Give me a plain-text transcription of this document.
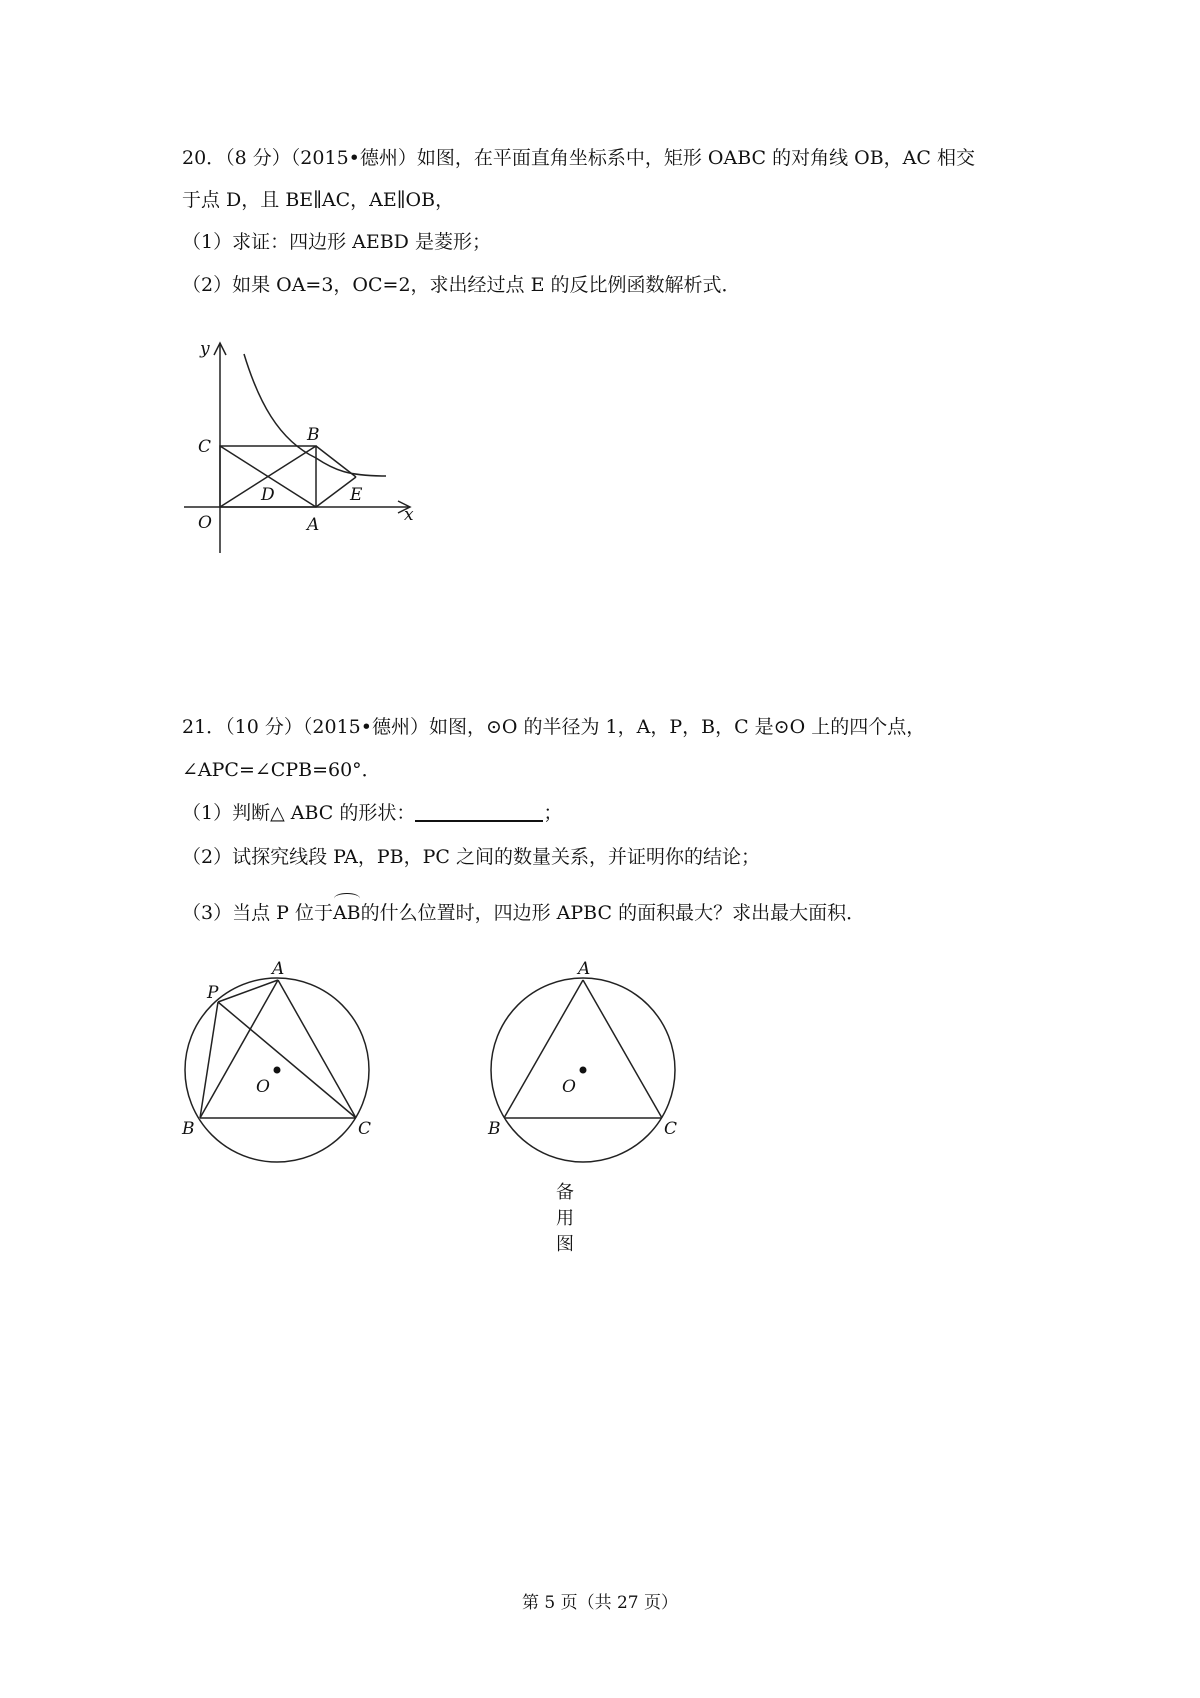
20．（8 分）（2015•德州）如图，在平面直角坐标系中，矩形 OABC 的对角线 OB，AC 相交
于点 D，且 BE∥AC，AE∥OB，
（1）求证：四边形 AEBD 是菱形；
（2）如果 OA=3，OC=2，求出经过点 E 的反比例函数解析式．
y
x
C
B
D	E
O	A
21．（10 分）（2015•德州）如图，⊙O 的半径为 1，A，P，B，C 是⊙O 上的四个点，
∠APC=∠CPB=60°．
（1）判断△ ABC 的形状：	；
（2）试探究线段 PA，PB，PC 之间的数量关系，并证明你的结论；
（3）当点 P 位于AB的什么位置时，四边形 APBC 的面积最大？求出最大面积．
P
A
O
B	C
A
O
B	C
备用图
第 5 页（共 27 页）
